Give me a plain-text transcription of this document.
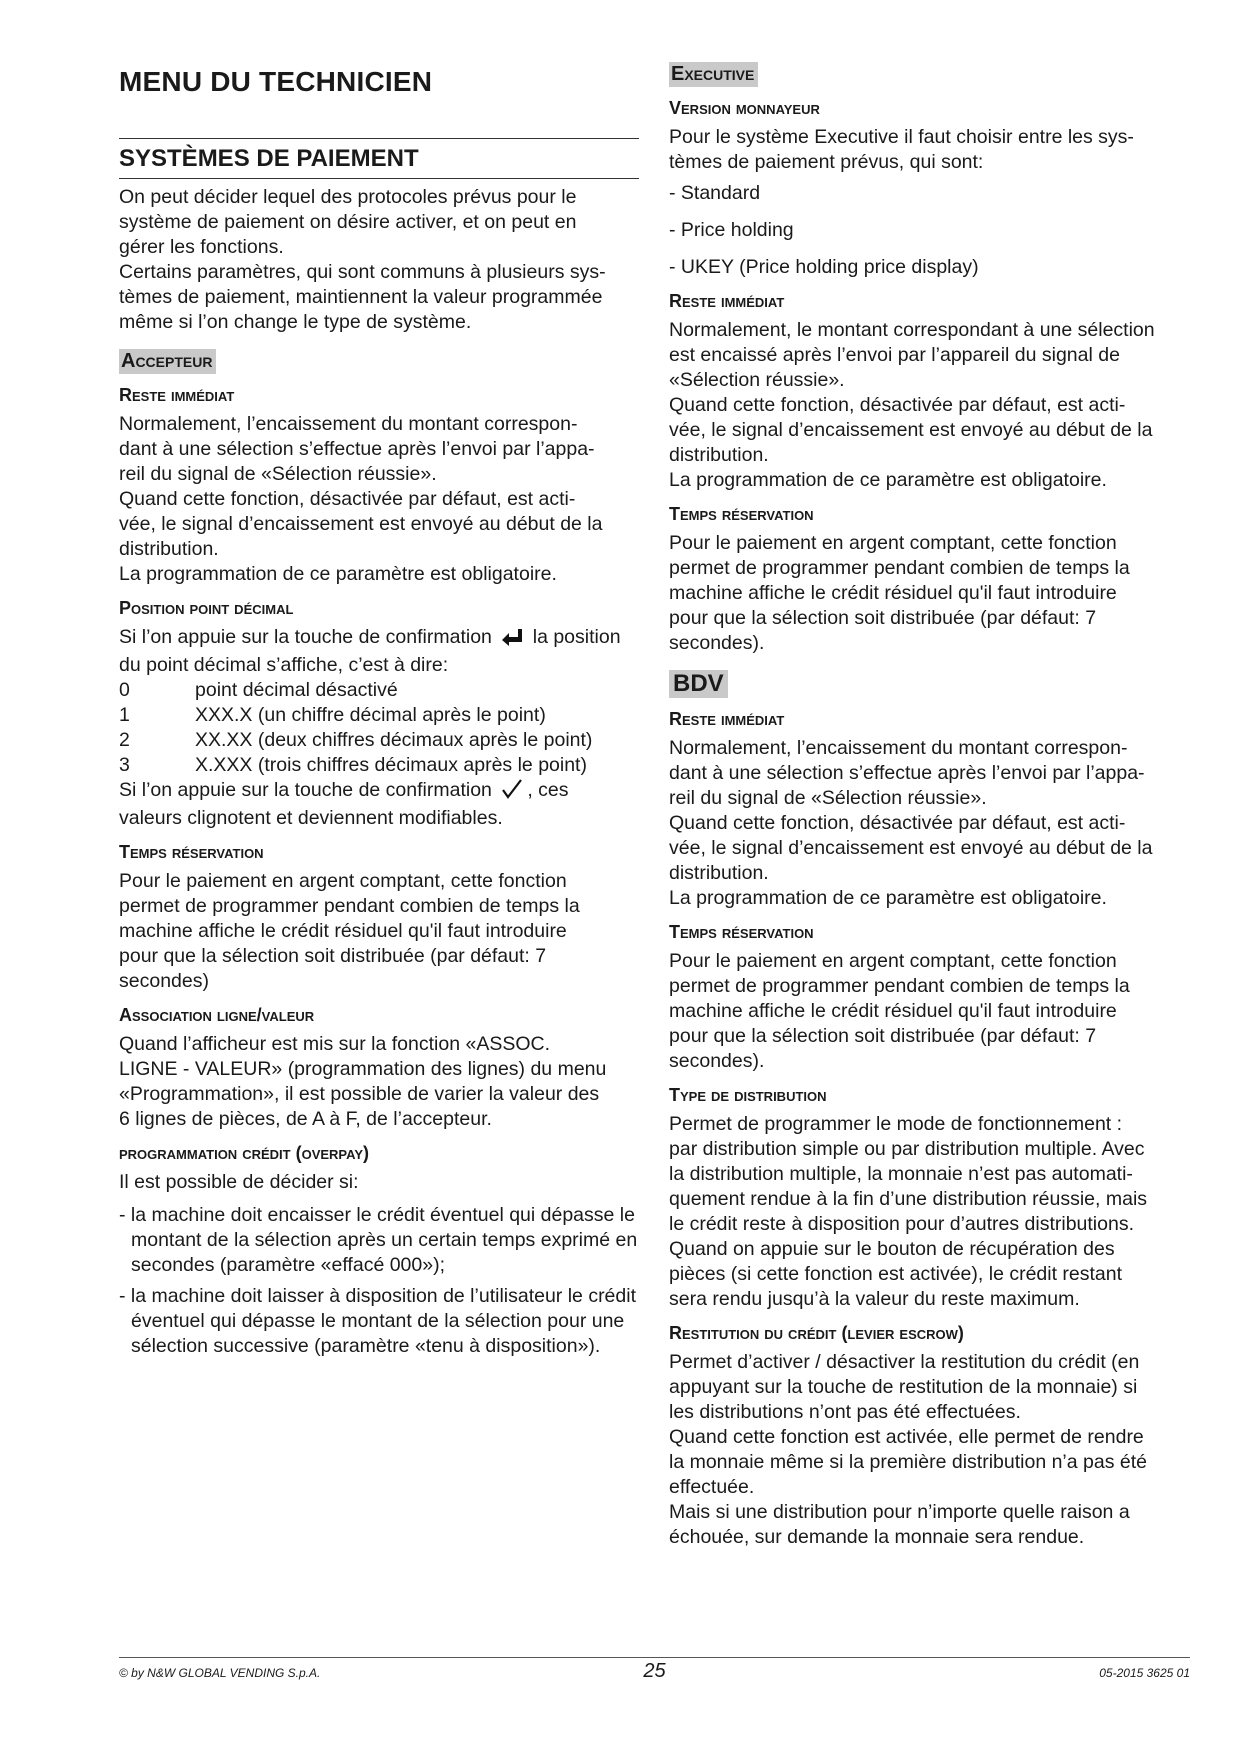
MENU DU TECHNICIEN
SYSTÈMES DE PAIEMENT

On peut décider lequel des protocoles prévus pour le

système de paiement on désire activer, et on peut en

gérer les fonctions.

Certains paramètres, qui sont communs à plusieurs sys-

tèmes de paiement, maintiennent la valeur programmée

même si l’on change le type de système.

Accepteur
Reste immédiat

Normalement, l’encaissement du montant correspon-

dant à une sélection s’effectue après l’envoi par l’appa-

reil du signal de «Sélection réussie».

Quand cette fonction, désactivée par défaut, est acti-

vée, le signal d’encaissement est envoyé au début de la

distribution.

La programmation de ce paramètre est obligatoire.

Position point décimal

Si l’on appuie sur la touche de confirmation la position

du point décimal s’affiche, c’est à dire:

0	point décimal désactivé
1	XXX.X (un chiffre décimal après le point)
2	XX.XX (deux chiffres décimaux après le point)
3	X.XXX (trois chiffres décimaux après le point)

Si l’on appuie sur la touche de confirmation , ces

valeurs clignotent et deviennent modifiables.

Temps réservation

Pour le paiement en argent comptant, cette fonction

permet de programmer pendant combien de temps la

machine affiche le crédit résiduel qu'il faut introduire

pour que la sélection soit distribuée (par défaut: 7

secondes)

Association ligne/valeur

Quand l’afficheur est mis sur la fonction «ASSOC.

LIGNE - VALEUR» (programmation des lignes) du menu

«Programmation», il est possible de varier la valeur des

6 lignes de pièces, de A à F, de l’accepteur.

programmation crédit (overpay)

Il est possible de décider si:

- la machine doit encaisser le crédit éventuel qui dépasse le montant de la sélection après un certain temps exprimé en secondes (paramètre «effacé 000»);
- la machine doit laisser à disposition de l’utilisateur le crédit éventuel qui dépasse le montant de la sélection pour une sélection successive (paramètre «tenu à disposition»).
Executive
Version monnayeur

Pour le système Executive il faut choisir entre les sys-

tèmes de paiement prévus, qui sont:

- Standard
- Price holding
- UKEY (Price holding price display)
Reste immédiat

Normalement, le montant correspondant à une sélection

est encaissé après l’envoi par l’appareil du signal de

«Sélection réussie».

Quand cette fonction, désactivée par défaut, est acti-

vée, le signal d’encaissement est envoyé au début de la

distribution.

La programmation de ce paramètre est obligatoire.

Temps réservation

Pour le paiement en argent comptant, cette fonction

permet de programmer pendant combien de temps la

machine affiche le crédit résiduel qu'il faut introduire

pour que la sélection soit distribuée (par défaut: 7

secondes).

BDV
Reste immédiat

Normalement, l’encaissement du montant correspon-

dant à une sélection s’effectue après l’envoi par l’appa-

reil du signal de «Sélection réussie».

Quand cette fonction, désactivée par défaut, est acti-

vée, le signal d’encaissement est envoyé au début de la

distribution.

La programmation de ce paramètre est obligatoire.

Temps réservation

Pour le paiement en argent comptant, cette fonction

permet de programmer pendant combien de temps la

machine affiche le crédit résiduel qu'il faut introduire

pour que la sélection soit distribuée (par défaut: 7

secondes).

Type de distribution

Permet de programmer le mode de fonctionnement :

par distribution simple ou par distribution multiple. Avec

la distribution multiple, la monnaie n’est pas automati-

quement rendue à la fin d’une distribution réussie, mais

le crédit reste à disposition pour d’autres distributions.

Quand on appuie sur le bouton de récupération des

pièces (si cette fonction est activée), le crédit restant

sera rendu jusqu’à la valeur du reste maximum.

Restitution du crédit (levier escrow)

Permet d’activer / désactiver la restitution du crédit (en

appuyant sur la touche de restitution de la monnaie) si

les distributions n’ont pas été effectuées.

Quand cette fonction est activée, elle permet de rendre

la monnaie même si la première distribution n’a pas été

effectuée.

Mais si une distribution pour n’importe quelle raison a

échouée, sur demande la monnaie sera rendue.

© by N&W GLOBAL VENDING S.p.A.	25	05-2015 3625 01
